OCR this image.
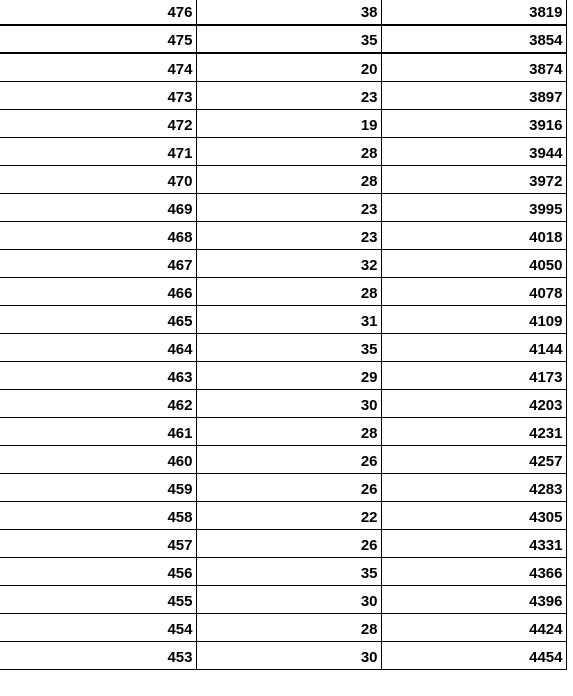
476	38	3819
475	35	3854
474	20	3874
473	23	3897
472	19	3916
471	28	3944
470	28	3972
469	23	3995
468	23	4018
467	32	4050
466	28	4078
465	31	4109
464	35	4144
463	29	4173
462	30	4203
461	28	4231
460	26	4257
459	26	4283
458	22	4305
457	26	4331
456	35	4366
455	30	4396
454	28	4424
453	30	4454
